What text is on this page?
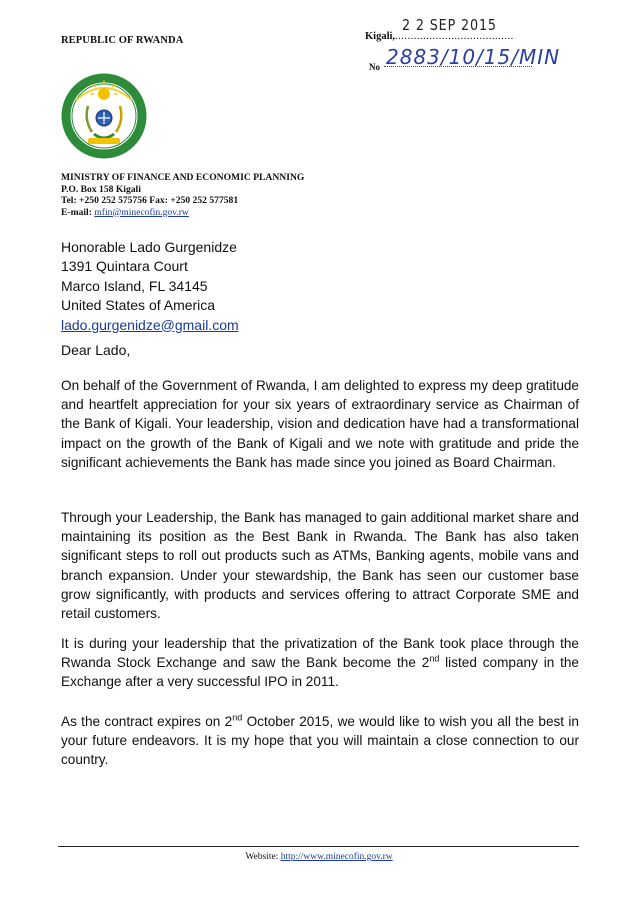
REPUBLIC OF RWANDA
2 2 SEP 2015
Kigali,......................................
No 2883/10/15/MIN
MINISTRY OF FINANCE AND ECONOMIC PLANNING
P.O. Box 158 Kigali
Tel: +250 252 575756 Fax: +250 252 577581
E-mail: mfin@minecofin.gov.rw
Honorable Lado Gurgenidze
1391 Quintara Court
Marco Island, FL 34145
United States of America
lado.gurgenidze@gmail.com
Dear Lado,
On behalf of the Government of Rwanda, I am delighted to express my deep gratitude and heartfelt appreciation for your six years of extraordinary service as Chairman of the Bank of Kigali. Your leadership, vision and dedication have had a transformational impact on the growth of the Bank of Kigali and we note with gratitude and pride the significant achievements the Bank has made since you joined as Board Chairman.
Through your Leadership, the Bank has managed to gain additional market share and maintaining its position as the Best Bank in Rwanda. The Bank has also taken significant steps to roll out products such as ATMs, Banking agents, mobile vans and branch expansion. Under your stewardship, the Bank has seen our customer base grow significantly, with products and services offering to attract Corporate SME and retail customers.
It is during your leadership that the privatization of the Bank took place through the Rwanda Stock Exchange and saw the Bank become the 2nd listed company in the Exchange after a very successful IPO in 2011.
As the contract expires on 2nd October 2015, we would like to wish you all the best in your future endeavors. It is my hope that you will maintain a close connection to our country.
Website: http://www.minecofin.gov.rw
